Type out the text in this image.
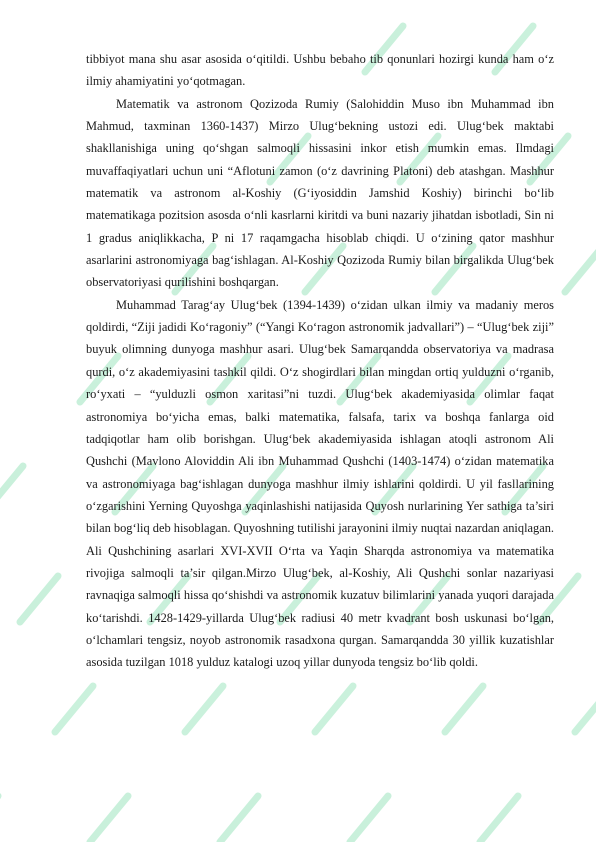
tibbiyot mana shu asar asosida o‘qitildi. Ushbu bebaho tib qonunlari hozirgi kunda ham o‘z ilmiy ahamiyatini yo‘qotmagan.

Matematik va astronom Qozizoda Rumiy (Salohiddin Muso ibn Muhammad ibn Mahmud, taxminan 1360-1437) Mirzo Ulug‘bekning ustozi edi. Ulug‘bek maktabi shakllanishiga uning qo‘shgan salmoqli hissasini inkor etish mumkin emas. Ilmdagi muvaffaqiyatlari uchun uni “Aflotuni zamon (o‘z davrining Platoni) deb atashgan. Mashhur matematik va astronom al-Koshiy (G‘iyosiddin Jamshid Koshiy) birinchi bo‘lib matematikaga pozitsion asosda o‘nli kasrlarni kiritdi va buni nazariy jihatdan isbotladi, Sin ni 1 gradus aniqlikkacha, P ni 17 raqamgacha hisoblab chiqdi. U o‘zining qator mashhur asarlarini astronomiyaga bag‘ishlagan. Al-Koshiy Qozizoda Rumiy bilan birgalikda Ulug‘bek observatoriyasi qurilishini boshqargan.

Muhammad Tarag‘ay Ulug‘bek (1394-1439) o‘zidan ulkan ilmiy va madaniy meros qoldirdi, “Ziji jadidi Ko‘ragoniy” (“Yangi Ko‘ragon astronomik jadvallari”) – “Ulug‘bek ziji” buyuk olimning dunyoga mashhur asari. Ulug‘bek Samarqandda observatoriya va madrasa qurdi, o‘z akademiyasini tashkil qildi. O‘z shogirdlari bilan mingdan ortiq yulduzni o‘rganib, ro‘yxati – “yulduzli osmon xaritasi”ni tuzdi. Ulug‘bek akademiyasida olimlar faqat astronomiya bo‘yicha emas, balki matematika, falsafa, tarix va boshqa fanlarga oid tadqiqotlar ham olib borishgan. Ulug‘bek akademiyasida ishlagan atoqli astronom Ali Qushchi (Mavlono Aloviddin Ali ibn Muhammad Qushchi (1403-1474) o‘zidan matematika va astronomiyaga bag‘ishlagan dunyoga mashhur ilmiy ishlarini qoldirdi. U yil fasllarining o‘zgarishini Yerning Quyoshga yaqinlashishi natijasida Quyosh nurlarining Yer sathiga ta’siri bilan bog‘liq deb hisoblagan. Quyoshning tutilishi jarayonini ilmiy nuqtai nazardan aniqlagan. Ali Qushchining asarlari XVI-XVII O‘rta va Yaqin Sharqda astronomiya va matematika rivojiga salmoqli ta’sir qilgan.Mirzo Ulug‘bek, al-Koshiy, Ali Qushchi sonlar nazariyasi ravnaqiga salmoqli hissa qo‘shishdi va astronomik kuzatuv bilimlarini yanada yuqori darajada ko‘tarishdi. 1428-1429-yillarda Ulug‘bek radiusi 40 metr kvadrant bosh uskunasi bo‘lgan, o‘lchamlari tengsiz, noyob astronomik rasadxona qurgan. Samarqandda 30 yillik kuzatishlar asosida tuzilgan 1018 yulduz katalogi uzoq yillar dunyoda tengsiz bo‘lib qoldi.
